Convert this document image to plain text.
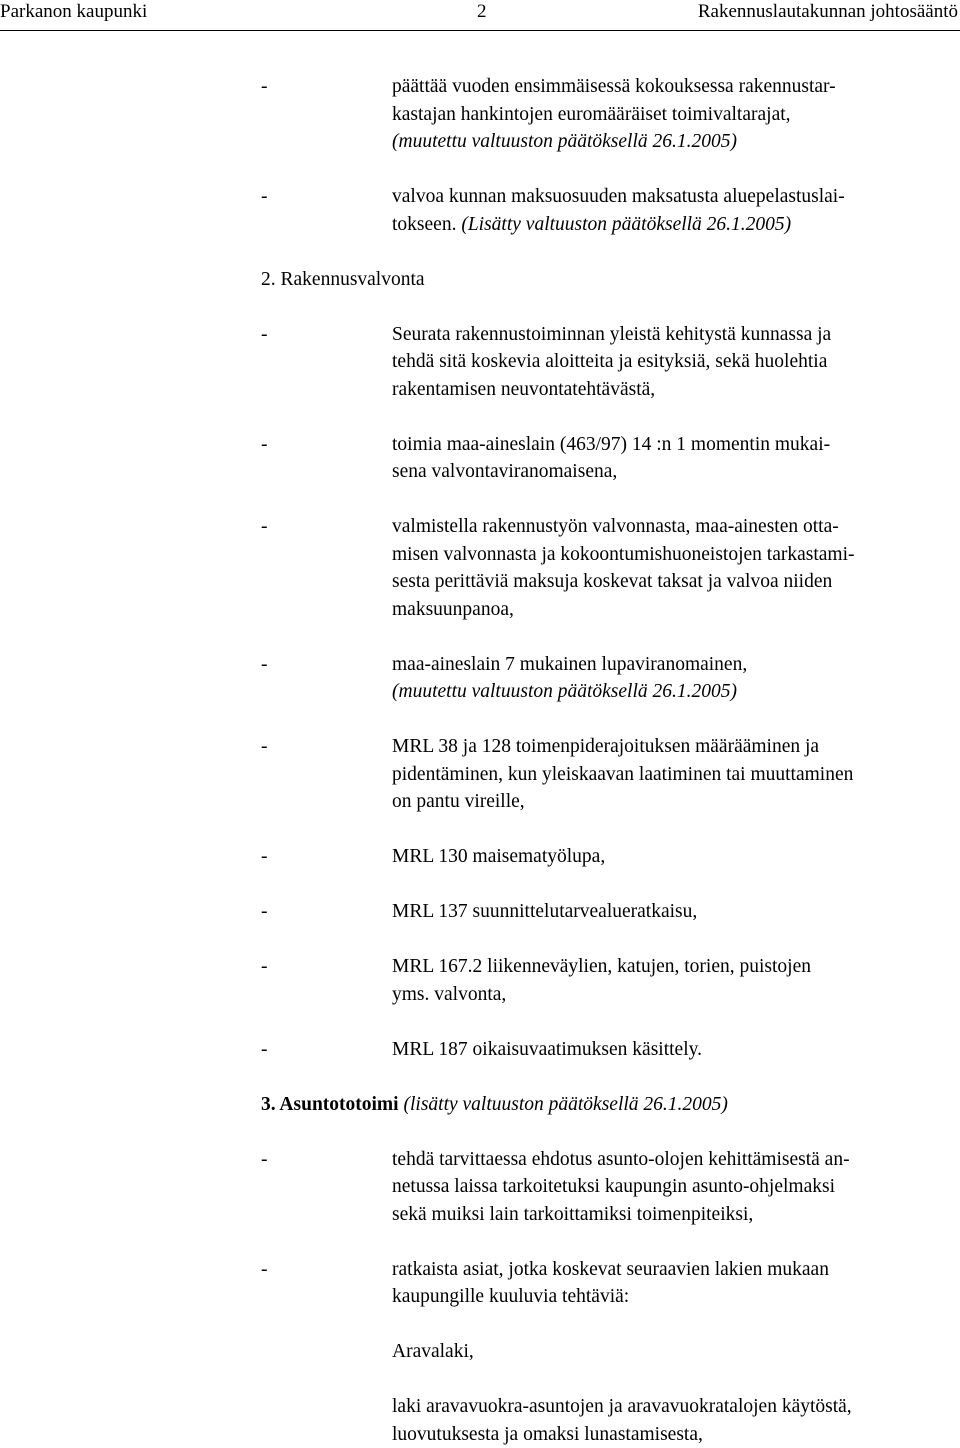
Parkanon kaupunki	2	Rakennuslautakunnan johtosääntö
-	päättää vuoden ensimmäisessä kokouksessa rakennustar-
kastajan hankintojen euromääräiset toimivaltarajat,
(muutettu valtuuston päätöksellä 26.1.2005)
-	valvoa kunnan maksuosuuden maksatusta aluepelastuslai-
tokseen. (Lisätty valtuuston päätöksellä 26.1.2005)
2. Rakennusvalvonta
-	Seurata rakennustoiminnan yleistä kehitystä kunnassa ja
tehdä sitä koskevia aloitteita ja esityksiä, sekä huolehtia
rakentamisen neuvontatehtävästä,
-	toimia maa-aineslain (463/97) 14 :n 1 momentin mukai-
sena valvontaviranomaisena,
-	valmistella rakennustyön valvonnasta, maa-ainesten otta-
misen valvonnasta ja kokoontumishuoneistojen tarkastami-
sesta perittäviä maksuja koskevat taksat ja valvoa niiden
maksuunpanoa,
-	maa-aineslain 7 mukainen lupaviranomainen,
(muutettu valtuuston päätöksellä 26.1.2005)
-	MRL 38 ja 128 toimenpiderajoituksen määrääminen ja
pidentäminen, kun yleiskaavan laatiminen tai muuttaminen
on pantu vireille,
-	MRL 130 maisematyölupa,
-	MRL 137 suunnittelutarvealueratkaisu,
-	MRL 167.2 liikenneväylien, katujen, torien, puistojen
yms. valvonta,
-	MRL 187 oikaisuvaatimuksen käsittely.
3. Asuntototoimi (lisätty valtuuston päätöksellä 26.1.2005)
-	tehdä tarvittaessa ehdotus asunto-olojen kehittämisestä an-
netussa laissa tarkoitetuksi kaupungin asunto-ohjelmaksi
sekä muiksi lain tarkoittamiksi toimenpiteiksi,
-	ratkaista asiat, jotka koskevat seuraavien lakien mukaan
kaupungille kuuluvia tehtäviä:
Aravalaki,
laki aravavuokra-asuntojen ja aravavuokratalojen käytöstä,
luovutuksesta ja omaksi lunastamisesta,
